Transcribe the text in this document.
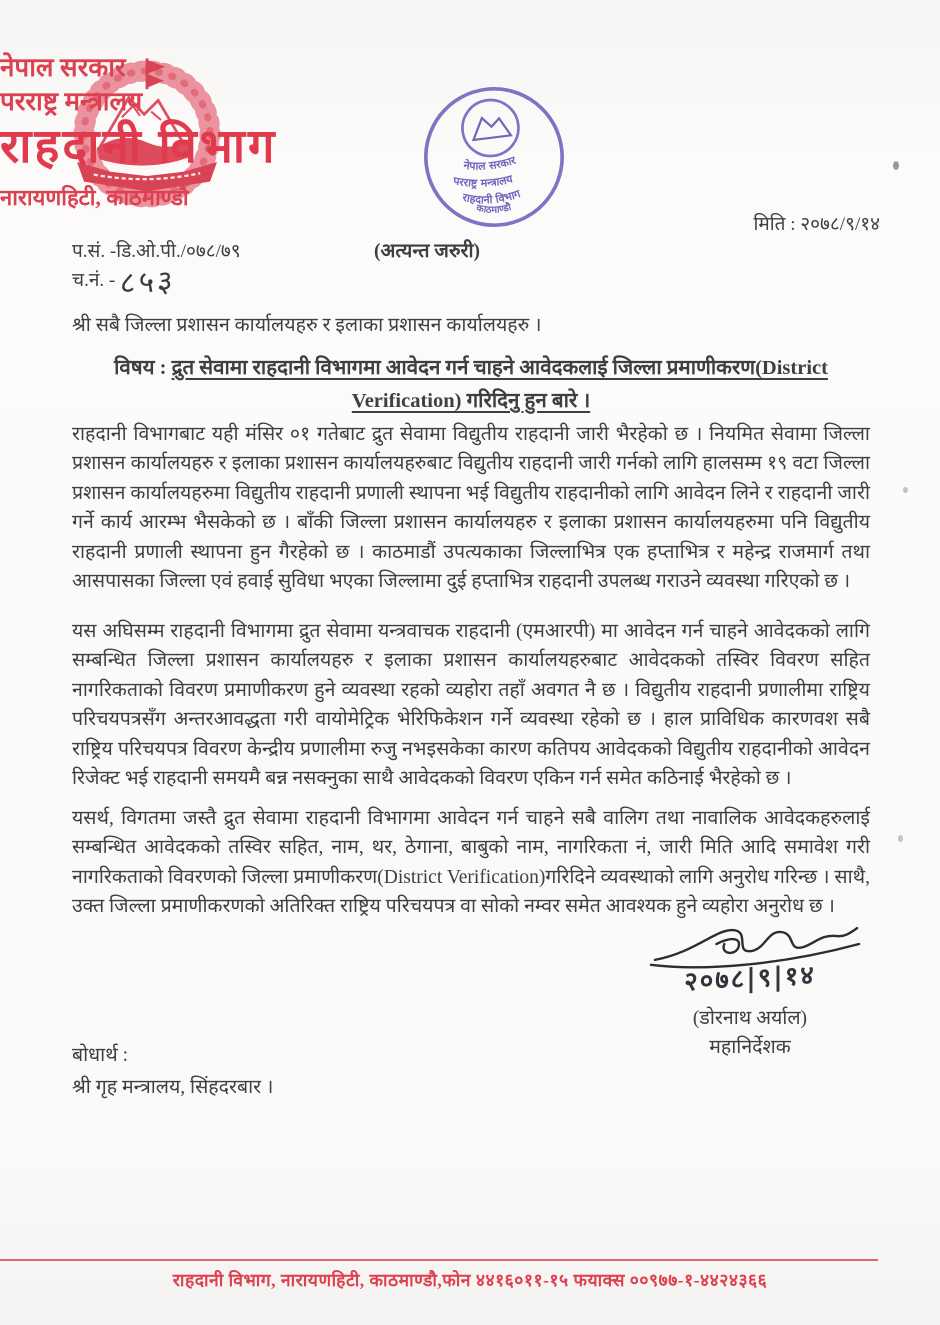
नेपाल सरकार
परराष्ट्र मन्त्रालय
राहदानी विभाग
नारायणहिटी, काठमाण्डौ
नेपाल सरकार
परराष्ट्र मन्त्रालय
राहदानी विभाग
काठमाण्डौ
मिति : २०७८/९/१४
प.सं. -डि.ओ.पी./०७८/७९	(अत्यन्त जरुरी)
च.नं. - ८५३
श्री सबै जिल्ला प्रशासन कार्यालयहरु र इलाका प्रशासन कार्यालयहरु ।
विषय : द्रुत सेवामा राहदानी विभागमा आवेदन गर्न चाहने आवेदकलाई जिल्ला प्रमाणीकरण(District Verification) गरिदिनु हुन बारे ।
राहदानी विभागबाट यही मंसिर ०१ गतेबाट द्रुत सेवामा विद्युतीय राहदानी जारी भैरहेको छ । नियमित सेवामा जिल्ला प्रशासन कार्यालयहरु र इलाका प्रशासन कार्यालयहरुबाट विद्युतीय राहदानी जारी गर्नको लागि हालसम्म १९ वटा जिल्ला प्रशासन कार्यालयहरुमा विद्युतीय राहदानी प्रणाली स्थापना भई विद्युतीय राहदानीको लागि आवेदन लिने र राहदानी जारी गर्ने कार्य आरम्भ भैसकेको छ । बाँकी जिल्ला प्रशासन कार्यालयहरु र इलाका प्रशासन कार्यालयहरुमा पनि विद्युतीय राहदानी प्रणाली स्थापना हुन गैरहेको छ । काठमाडौं उपत्यकाका जिल्लाभित्र एक हप्ताभित्र र महेन्द्र राजमार्ग तथा आसपासका जिल्ला एवं हवाई सुविधा भएका जिल्लामा दुई हप्ताभित्र राहदानी उपलब्ध गराउने व्यवस्था गरिएको छ ।
यस अघिसम्म राहदानी विभागमा द्रुत सेवामा यन्त्रवाचक राहदानी (एमआरपी) मा आवेदन गर्न चाहने आवेदकको लागि सम्बन्धित जिल्ला प्रशासन कार्यालयहरु र इलाका प्रशासन कार्यालयहरुबाट आवेदकको तस्विर विवरण सहित नागरिकताको विवरण प्रमाणीकरण हुने व्यवस्था रहको व्यहोरा तहाँ अवगत नै छ । विद्युतीय राहदानी प्रणालीमा राष्ट्रिय परिचयपत्रसँग अन्तरआवद्धता गरी वायोमेट्रिक भेरिफिकेशन गर्ने व्यवस्था रहेको छ । हाल प्राविधिक कारणवश सबै राष्ट्रिय परिचयपत्र विवरण केन्द्रीय प्रणालीमा रुजु नभइसकेका कारण कतिपय आवेदकको विद्युतीय राहदानीको आवेदन रिजेक्ट भई राहदानी समयमै बन्न नसक्नुका साथै आवेदकको विवरण एकिन गर्न समेत कठिनाई भैरहेको छ ।
यसर्थ, विगतमा जस्तै द्रुत सेवामा राहदानी विभागमा आवेदन गर्न चाहने सबै वालिग तथा नावालिक आवेदकहरुलाई सम्बन्धित आवेदकको तस्विर सहित, नाम, थर, ठेगाना, बाबुको नाम, नागरिकता नं, जारी मिति आदि समावेश गरी नागरिकताको विवरणको जिल्ला प्रमाणीकरण(District Verification)गरिदिने व्यवस्थाको लागि अनुरोध गरिन्छ । साथै, उक्त जिल्ला प्रमाणीकरणको अतिरिक्त राष्ट्रिय परिचयपत्र वा सोको नम्वर समेत आवश्यक हुने व्यहोरा अनुरोध छ ।
२०७८|९|१४
(डोरनाथ अर्याल)
महानिर्देशक
बोधार्थ :
श्री गृह मन्त्रालय, सिंहदरबार ।
राहदानी विभाग, नारायणहिटी, काठमाण्डौ,फोन ४४१६०११-१५ फयाक्स ००९७७-१-४४२४३६६
